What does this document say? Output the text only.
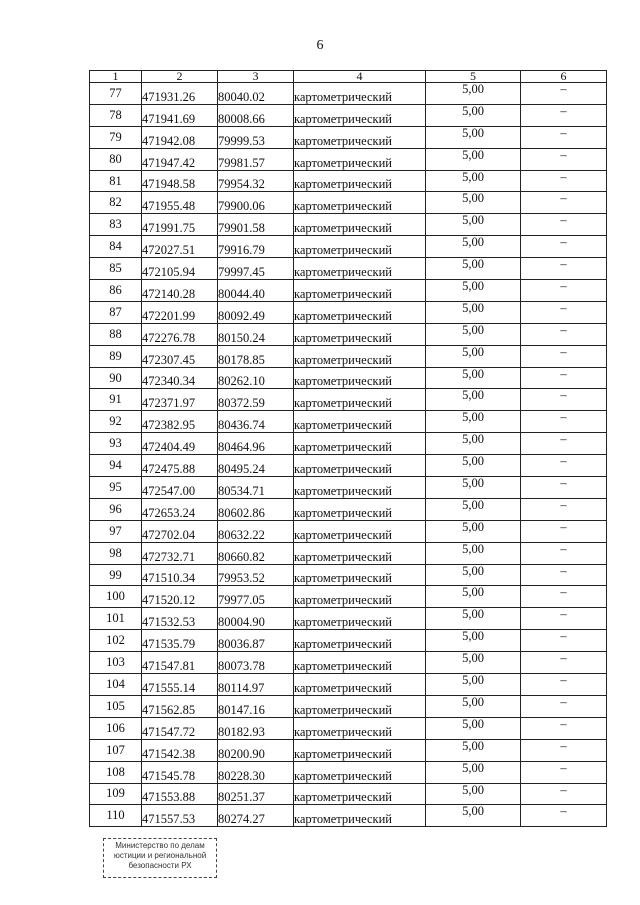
6
1	2	3	4	5	6
77	471931.26	80040.02	картометрический	5,00	–
78	471941.69	80008.66	картометрический	5,00	–
79	471942.08	79999.53	картометрический	5,00	–
80	471947.42	79981.57	картометрический	5,00	–
81	471948.58	79954.32	картометрический	5,00	–
82	471955.48	79900.06	картометрический	5,00	–
83	471991.75	79901.58	картометрический	5,00	–
84	472027.51	79916.79	картометрический	5,00	–
85	472105.94	79997.45	картометрический	5,00	–
86	472140.28	80044.40	картометрический	5,00	–
87	472201.99	80092.49	картометрический	5,00	–
88	472276.78	80150.24	картометрический	5,00	–
89	472307.45	80178.85	картометрический	5,00	–
90	472340.34	80262.10	картометрический	5,00	–
91	472371.97	80372.59	картометрический	5,00	–
92	472382.95	80436.74	картометрический	5,00	–
93	472404.49	80464.96	картометрический	5,00	–
94	472475.88	80495.24	картометрический	5,00	–
95	472547.00	80534.71	картометрический	5,00	–
96	472653.24	80602.86	картометрический	5,00	–
97	472702.04	80632.22	картометрический	5,00	–
98	472732.71	80660.82	картометрический	5,00	–
99	471510.34	79953.52	картометрический	5,00	–
100	471520.12	79977.05	картометрический	5,00	–
101	471532.53	80004.90	картометрический	5,00	–
102	471535.79	80036.87	картометрический	5,00	–
103	471547.81	80073.78	картометрический	5,00	–
104	471555.14	80114.97	картометрический	5,00	–
105	471562.85	80147.16	картометрический	5,00	–
106	471547.72	80182.93	картометрический	5,00	–
107	471542.38	80200.90	картометрический	5,00	–
108	471545.78	80228.30	картометрический	5,00	–
109	471553.88	80251.37	картометрический	5,00	–
110	471557.53	80274.27	картометрический	5,00	–
Министерство по делам
юстиции и региональной
безопасности РХ
